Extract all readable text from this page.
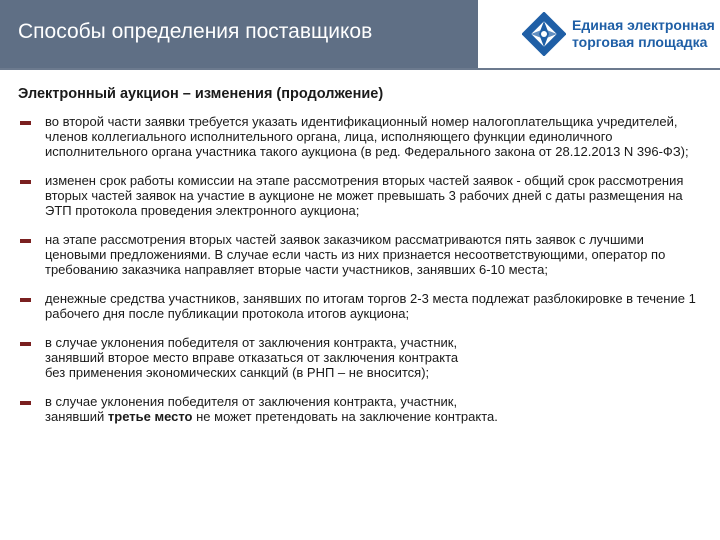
Способы определения поставщиков	Единая электронная
торговая площадка
Электронный аукцион – изменения (продолжение)
во второй части заявки требуется указать идентификационный номер налогоплательщика учредителей, членов коллегиального исполнительного органа, лица, исполняющего функции единоличного исполнительного органа участника такого аукциона (в ред. Федерального закона от 28.12.2013 N 396-ФЗ);
изменен срок работы комиссии на этапе рассмотрения вторых частей заявок - общий срок рассмотрения вторых частей заявок на участие в аукционе не может превышать 3 рабочих дней с даты размещения на ЭТП протокола проведения электронного аукциона;
на этапе рассмотрения вторых частей заявок заказчиком рассматриваются пять заявок с лучшими ценовыми предложениями. В случае если часть из них признается несоответствующими, оператор по требованию заказчика направляет вторые части участников, занявших 6-10 места;
денежные средства участников, занявших по итогам торгов 2-3 места подлежат разблокировке в течение 1 рабочего дня после публикации протокола итогов аукциона;
в случае уклонения победителя от заключения контракта, участник,
занявший второе место вправе отказаться от заключения контракта
без применения экономических санкций (в РНП – не вносится);
в случае уклонения победителя от заключения контракта, участник,
занявший третье место не может претендовать на заключение контракта.
